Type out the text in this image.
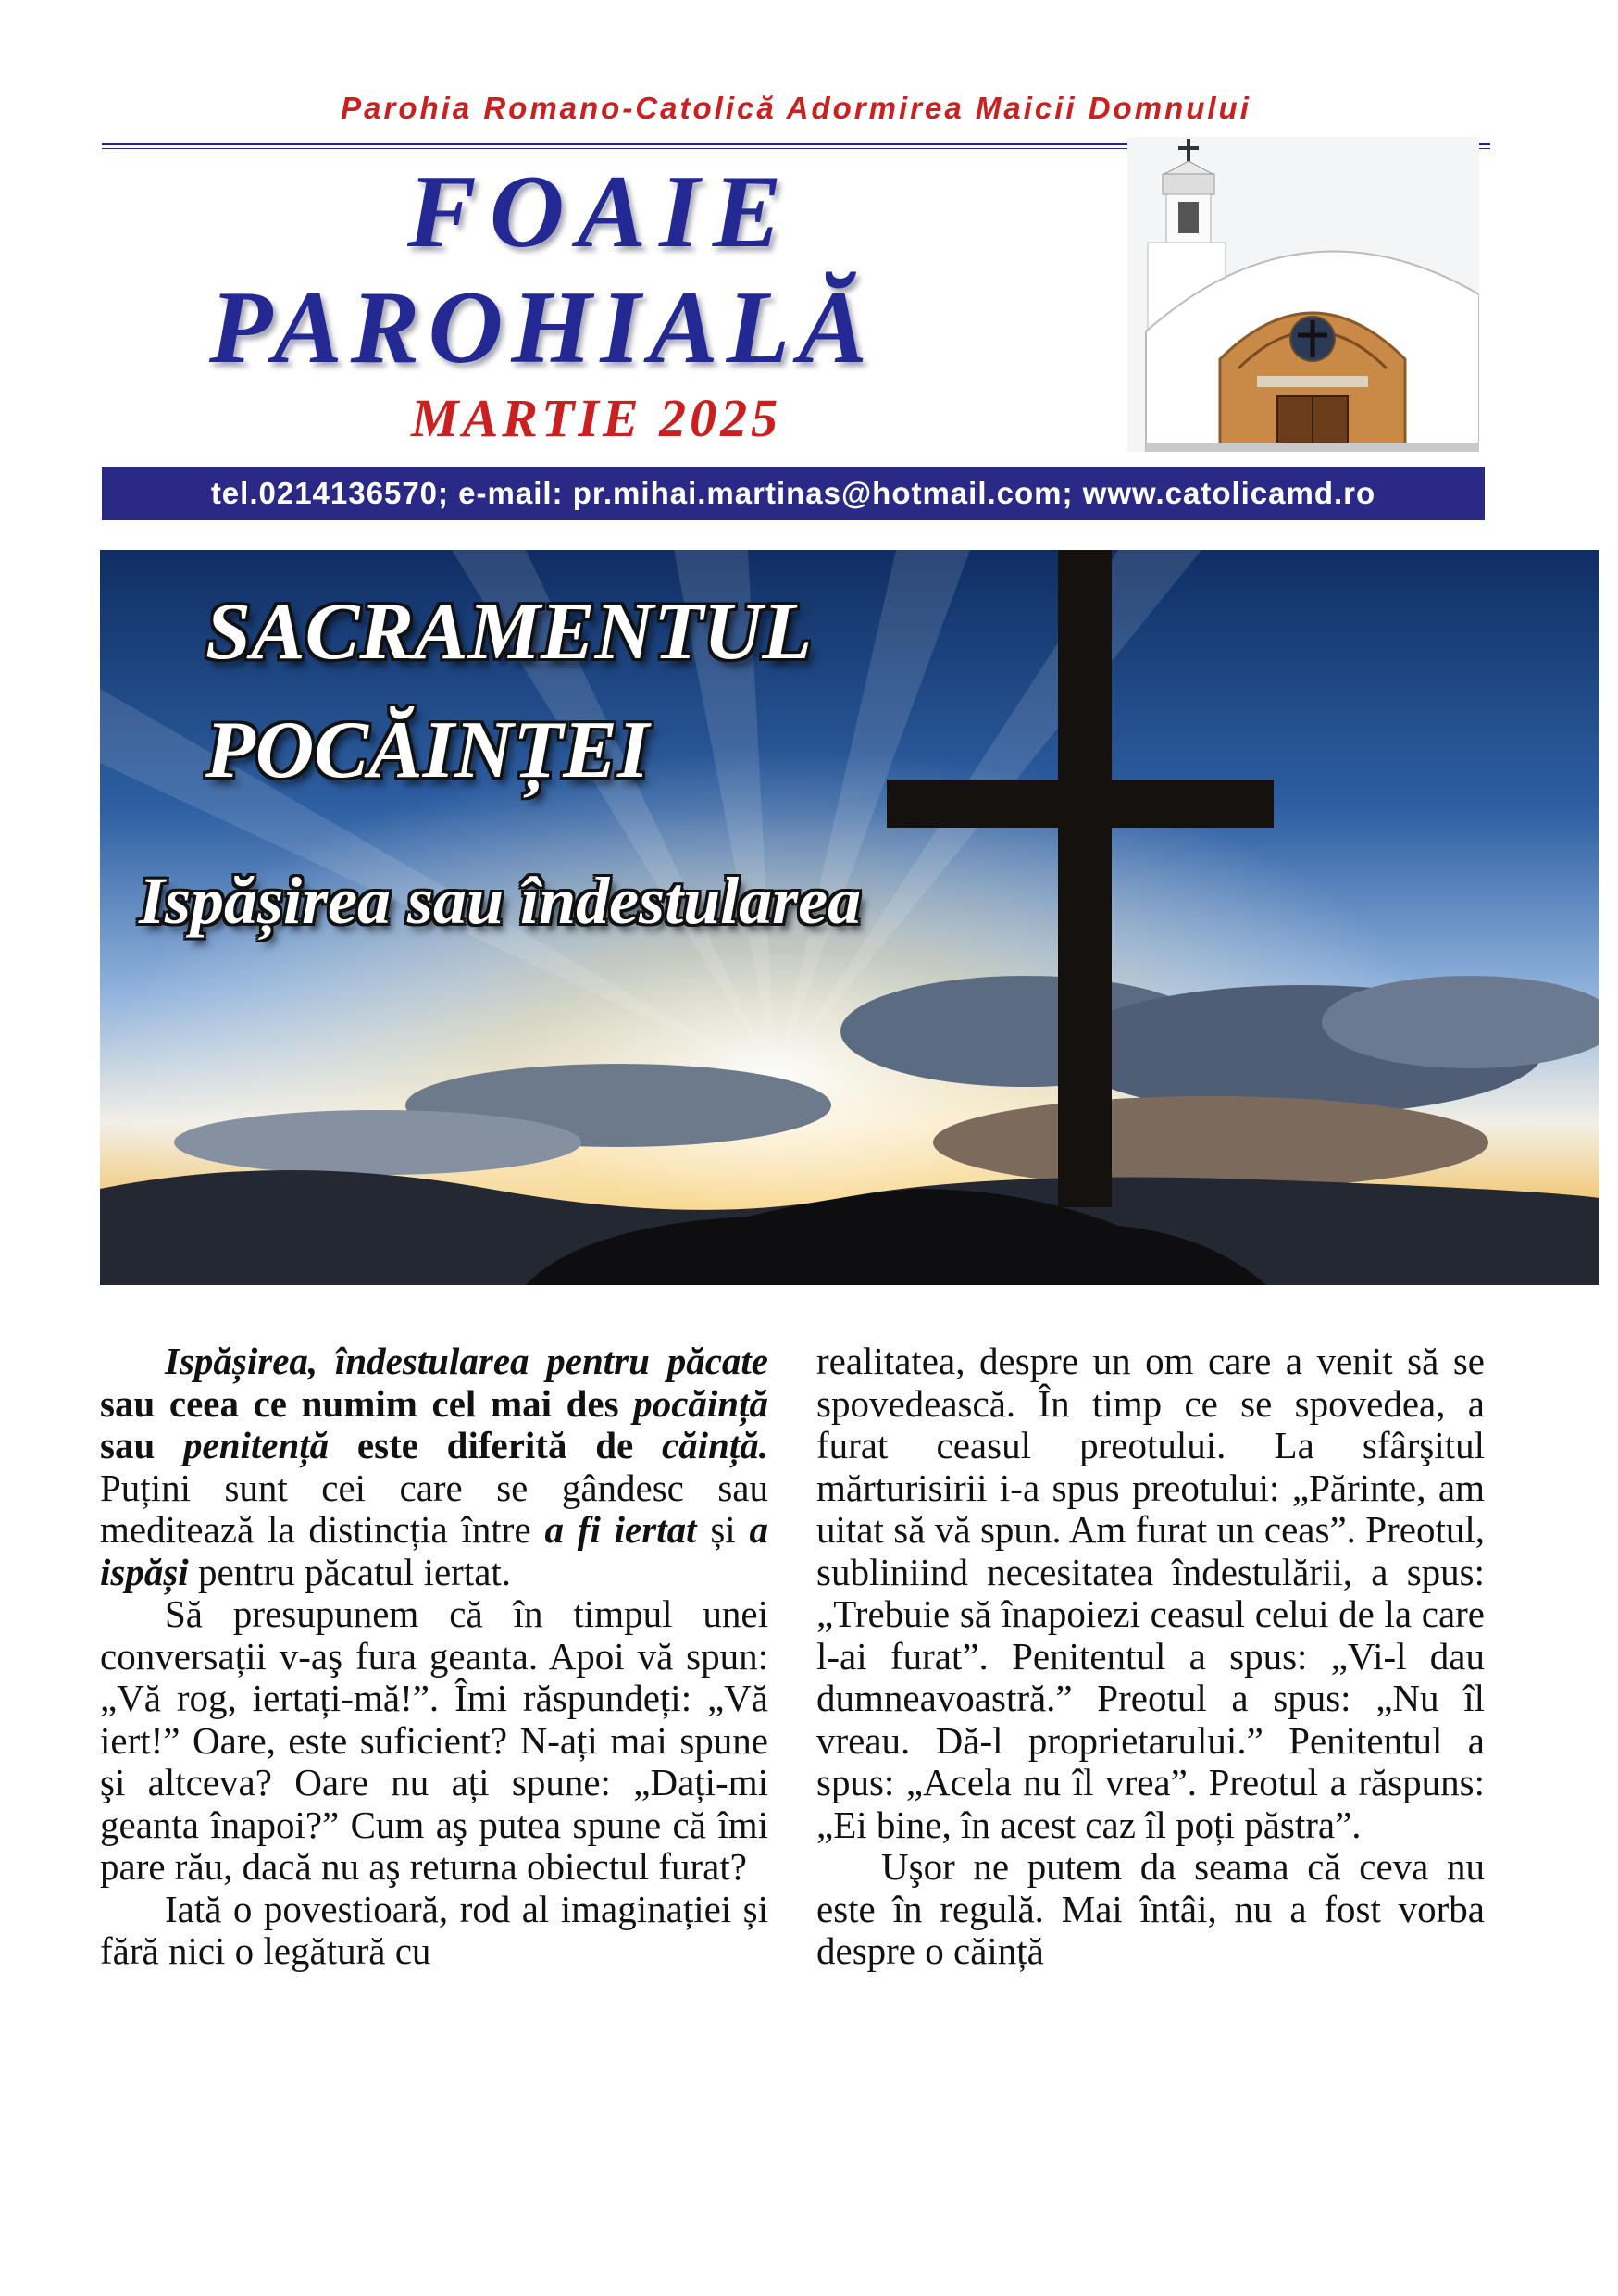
Parohia Romano-Catolică Adormirea Maicii Domnului
FOAIE
PAROHIALĂ
MARTIE 2025
tel.0214136570; e-mail: pr.mihai.martinas@hotmail.com; www.catolicamd.ro
SACRAMENTUL
POCĂINȚEI
Ispășirea sau îndestularea

Ispășirea, îndestularea pentru păcate sau ceea ce numim cel mai des pocăință sau penitență este diferită de căință. Puțini sunt cei care se gândesc sau meditează la distincția între a fi iertat și a ispăși pentru păcatul iertat.

Să presupunem că în timpul unei conversații v-aş fura geanta. Apoi vă spun: „Vă rog, iertați-mă!”. Îmi răspundeți: „Vă iert!” Oare, este suficient? N-ați mai spune şi altceva? Oare nu ați spune: „Dați-mi geanta înapoi?” Cum aş putea spune că îmi pare rău, dacă nu aş returna obiectul furat?

Iată o povestioară, rod al imaginației și fără nici o legătură cu

realitatea, despre un om care a venit să se spovedească. În timp ce se spovedea, a furat ceasul preotului. La sfârşitul mărturisirii i-a spus preotului: „Părinte, am uitat să vă spun. Am furat un ceas”. Preotul, subliniind necesitatea îndestulării, a spus: „Trebuie să înapoiezi ceasul celui de la care l-ai furat”. Penitentul a spus: „Vi-l dau dumneavoastră.” Preotul a spus: „Nu îl vreau. Dă-l proprietarului.” Penitentul a spus: „Acela nu îl vrea”. Preotul a răspuns: „Ei bine, în acest caz îl poți păstra”.

Uşor ne putem da seama că ceva nu este în regulă. Mai întâi, nu a fost vorba despre o căință
